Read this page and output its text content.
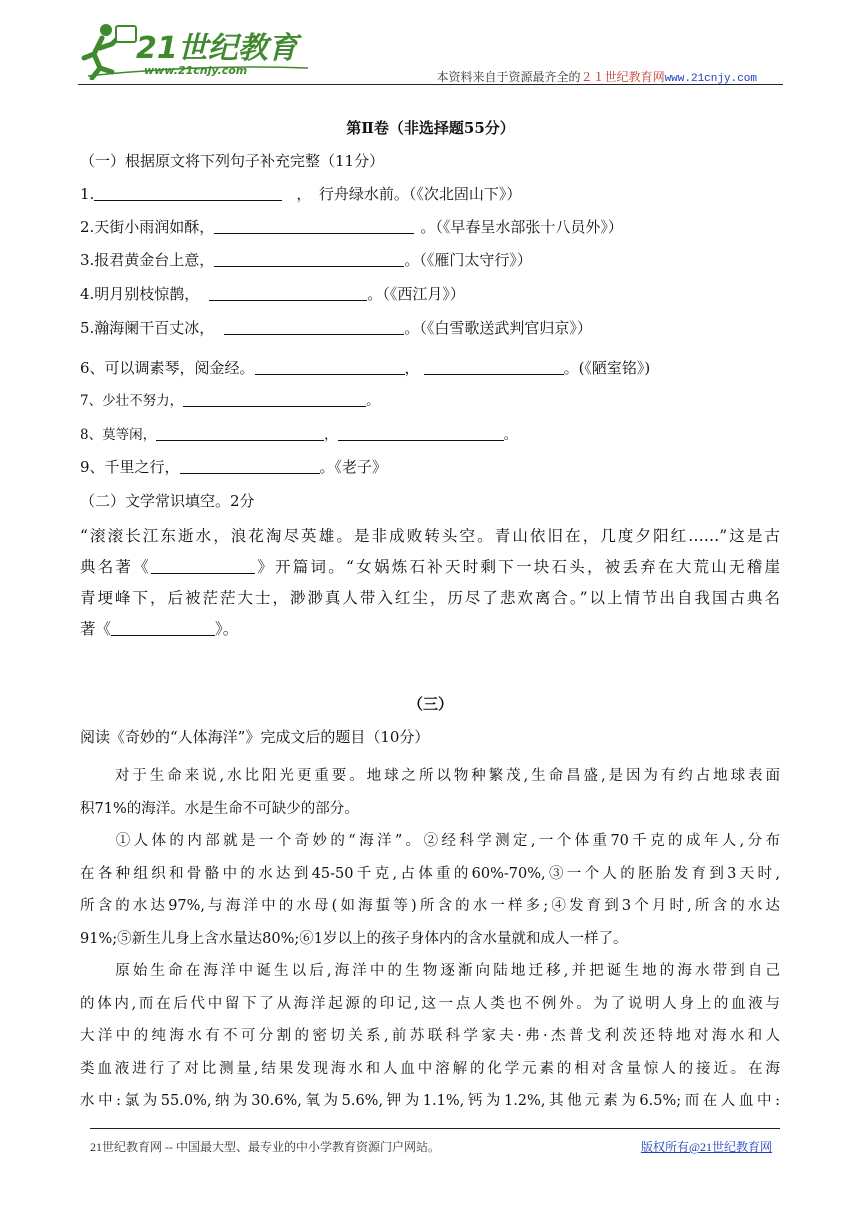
21世纪教育
www.21cnjy.com	本资料来自于资源最齐全的２１世纪教育网www.21cnjy.com
第Ⅱ卷（非选择题55分）
（一）根据原文将下列句子补充完整（11分）
1.	，　行舟绿水前。（《次北固山下》）
2.天街小雨润如酥，	。（《早春呈水部张十八员外》）
3.报君黄金台上意，	。（《雁门太守行》）
4.明月别枝惊鹊，	。（《西江月》）
5.瀚海阑干百丈冰，	。（《白雪歌送武判官归京》）
6、可以调素琴，阅金经。	，	。(《陋室铭》)
7、少壮不努力，	。
8、莫等闲，	，	。
9、千里之行，	。《老子》
（二）文学常识填空。2分
“滚滚长江东逝水，浪花淘尽英雄。是非成败转头空。青山依旧在，几度夕阳红……”这是古
典名著《	》开篇词。“女娲炼石补天时剩下一块石头，被丢弃在大荒山无稽崖
青埂峰下，后被茫茫大士，渺渺真人带入红尘，历尽了悲欢离合。”以上情节出自我国古典名
著《	》。
（三）
阅读《奇妙的“人体海洋”》完成文后的题目（10分）
　　对于生命来说,水比阳光更重要。地球之所以物种繁茂,生命昌盛,是因为有约占地球表面
积71%的海洋。水是生命不可缺少的部分。
　　①人体的内部就是一个奇妙的“海洋”。②经科学测定,一个体重70千克的成年人,分布
在各种组织和骨骼中的水达到45-50千克,占体重的60%-70%,③一个人的胚胎发育到3天时,
所含的水达97%,与海洋中的水母(如海蜇等)所含的水一样多;④发育到3个月时,所含的水达
91%;⑤新生儿身上含水量达80%;⑥1岁以上的孩子身体内的含水量就和成人一样了。
　　原始生命在海洋中诞生以后,海洋中的生物逐渐向陆地迁移,并把诞生地的海水带到自己
的体内,而在后代中留下了从海洋起源的印记,这一点人类也不例外。为了说明人身上的血液与
大洋中的纯海水有不可分割的密切关系,前苏联科学家夫·弗·杰普戈利茨还特地对海水和人
类血液进行了对比测量,结果发现海水和人血中溶解的化学元素的相对含量惊人的接近。在海
水中:氯为55.0%,纳为30.6%,氧为5.6%,钾为1.1%,钙为1.2%,其他元素为6.5%;而在人血中:
21世纪教育网 -- 中国最大型、最专业的中小学教育资源门户网站。	版权所有@21世纪教育网
